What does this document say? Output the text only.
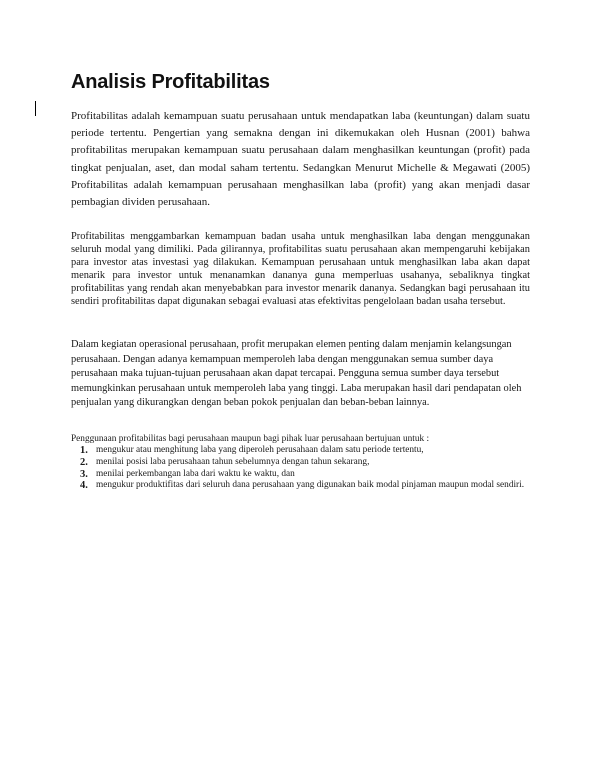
Analisis Profitabilitas

Profitabilitas adalah kemampuan suatu perusahaan untuk mendapatkan laba (keuntungan) dalam suatu periode tertentu. Pengertian yang semakna dengan ini dikemukakan oleh Husnan (2001) bahwa profitabilitas merupakan kemampuan suatu perusahaan dalam menghasilkan keuntungan (profit) pada tingkat penjualan, aset, dan modal saham tertentu. Sedangkan Menurut Michelle & Megawati (2005) Profitabilitas adalah kemampuan perusahaan menghasilkan laba (profit) yang akan menjadi dasar pembagian dividen perusahaan.

Profitabilitas menggambarkan kemampuan badan usaha untuk menghasilkan laba dengan menggunakan seluruh modal yang dimiliki. Pada gilirannya, profitabilitas suatu perusahaan akan mempengaruhi kebijakan para investor atas investasi yag dilakukan. Kemampuan perusahaan untuk menghasilkan laba akan dapat menarik para investor untuk menanamkan dananya guna memperluas usahanya, sebaliknya tingkat profitabilitas yang rendah akan menyebabkan para investor menarik dananya. Sedangkan bagi perusahaan itu sendiri profitabilitas dapat digunakan sebagai evaluasi atas efektivitas pengelolaan badan usaha tersebut.

Dalam kegiatan operasional perusahaan, profit merupakan elemen penting dalam menjamin kelangsungan perusahaan. Dengan adanya kemampuan memperoleh laba dengan menggunakan semua sumber daya perusahaan maka tujuan-tujuan perusahaan akan dapat tercapai. Pengguna semua sumber daya tersebut memungkinkan perusahaan untuk memperoleh laba yang tinggi. Laba merupakan hasil dari pendapatan oleh penjualan yang dikurangkan dengan beban pokok penjualan dan beban-beban lainnya.

Penggunaan profitabilitas bagi perusahaan maupun bagi pihak luar perusahaan bertujuan untuk :

1. mengukur atau menghitung laba yang diperoleh perusahaan dalam satu periode tertentu,
2. menilai posisi laba perusahaan tahun sebelumnya dengan tahun sekarang,
3. menilai perkembangan laba dari waktu ke waktu, dan
4. mengukur produktifitas dari seluruh dana perusahaan yang digunakan baik modal pinjaman maupun modal sendiri.
